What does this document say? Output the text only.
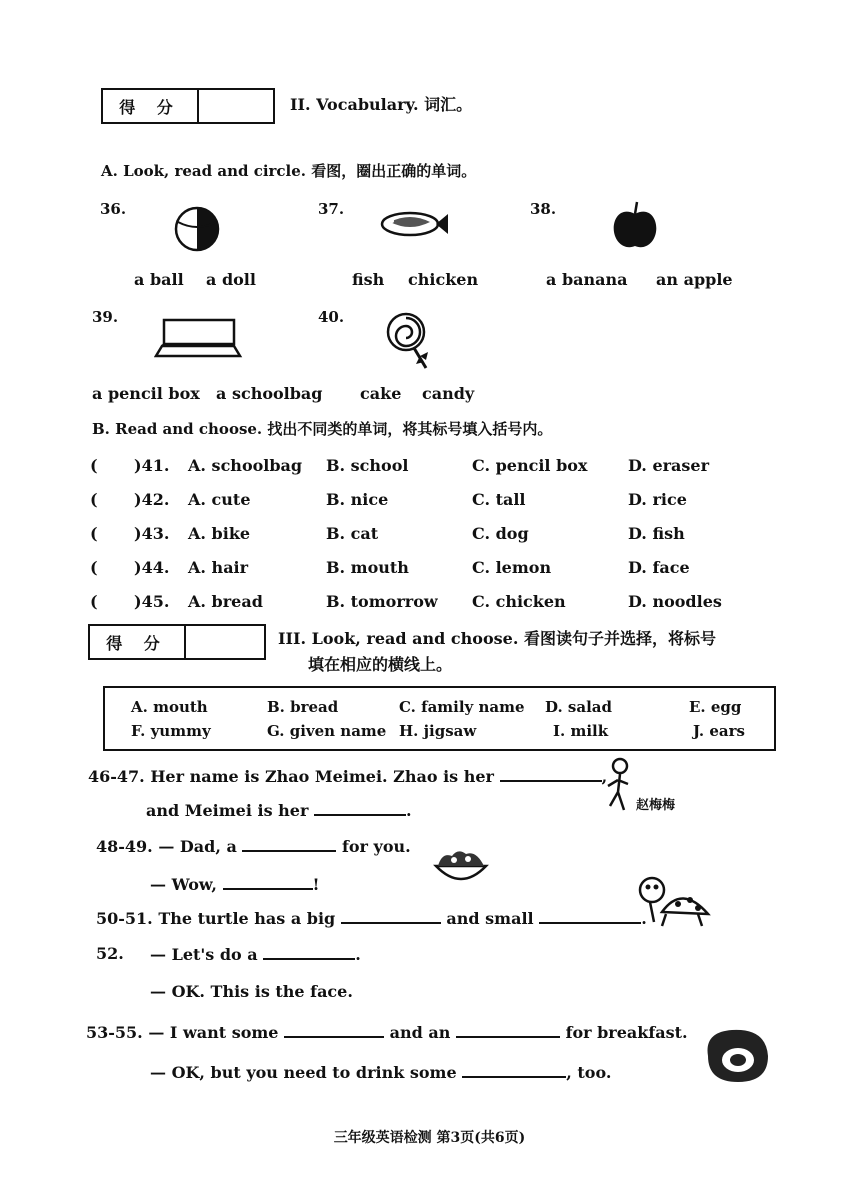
得 分	II. Vocabulary. 词汇。
A. Look, read and circle. 看图，圈出正确的单词。
36.
a ball a doll
37.
fish chicken
38.
a banana an apple
39.
a pencil box a schoolbag
40.
cake candy
B. Read and choose. 找出不同类的单词，将其标号填入括号内。
( )41. A. schoolbag B. school	C. pencil box	D. eraser
( )42. A. cute	B. nice	C. tall	D. rice
( )43. A. bike	B. cat	C. dog	D. fish
( )44. A. hair	B. mouth	C. lemon	D. face
( )45. A. bread	B. tomorrow C. chicken	D. noodles
得 分	III. Look, read and choose. 看图读句子并选择，将标号
填在相应的横线上。
A. mouth	B. bread	C. family name D. salad	E. egg
F. yummy	G. given name H. jigsaw	I. milk	J. ears
46-47. Her name is Zhao Meimei. Zhao is her	,
and Meimei is her	.	赵梅梅
48-49. — Dad, a	for you.
— Wow,	!
50-51. The turtle has a big	and small	.
52. — Let's do a	.
— OK. This is the face.
53-55. — I want some	and an	for breakfast.
— OK, but you need to drink some	, too.
三年级英语检测 第3页(共6页)
